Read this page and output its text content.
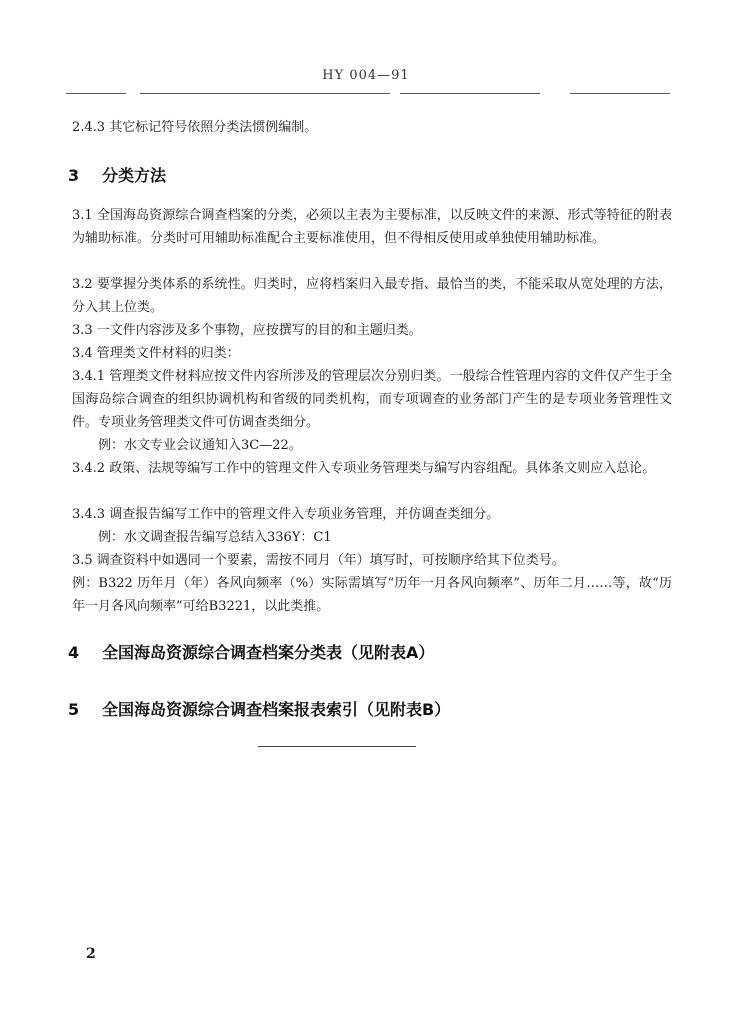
HY 004—91

2.4.3 其它标记符号依照分类法惯例编制。

3 分类方法

3.1 全国海岛资源综合调查档案的分类，必须以主表为主要标准，以反映文件的来源、形式等特征的附表为辅助标准。分类时可用辅助标准配合主要标准使用，但不得相反使用或单独使用辅助标准。

3.2 要掌握分类体系的系统性。归类时，应将档案归入最专指、最恰当的类，不能采取从宽处理的方法，分入其上位类。

3.3 一文件内容涉及多个事物，应按撰写的目的和主题归类。

3.4 管理类文件材料的归类：

3.4.1 管理类文件材料应按文件内容所涉及的管理层次分别归类。一般综合性管理内容的文件仅产生于全国海岛综合调查的组织协调机构和省级的同类机构，而专项调查的业务部门产生的是专项业务管理性文件。专项业务管理类文件可仿调查类细分。

例：水文专业会议通知入3C—22。

3.4.2 政策、法规等编写工作中的管理文件入专项业务管理类与编写内容组配。具体条文则应入总论。

3.4.3 调查报告编写工作中的管理文件入专项业务管理，并仿调查类细分。

例：水文调查报告编写总结入336Y：C1

3.5 调查资料中如遇同一个要素，需按不同月（年）填写时，可按顺序给其下位类号。

例：B322 历年月（年）各风向频率（%）实际需填写“历年一月各风向频率”、历年二月……等，故“历年一月各风向频率”可给B3221，以此类推。

4 全国海岛资源综合调查档案分类表（见附表A）
5 全国海岛资源综合调查档案报表索引（见附表B）
2
